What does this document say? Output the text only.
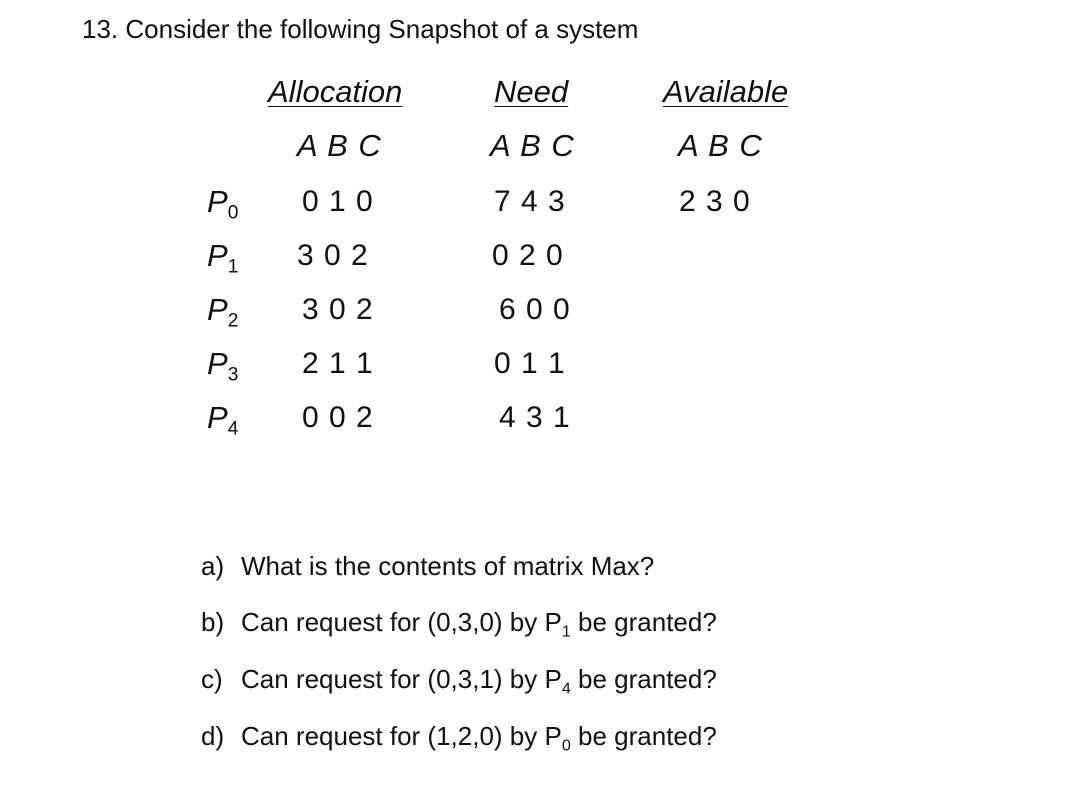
13. Consider the following Snapshot of a system
Allocation	Need	Available
A B C	A B C	A B C
$P_0$ 0 1 0	7 4 3	2 3 0
$P_1$ 3 0 2	0 2 0
$P_2$ 3 0 2	6 0 0
$P_3$ 2 1 1	0 1 1
$P_4$ 0 0 2	4 3 1
a) What is the contents of matrix Max?
b) Can request for (0,3,0) by $P_1$ be granted?
c) Can request for (0,3,1) by $P_4$ be granted?
d) Can request for (1,2,0) by $P_0$ be granted?
